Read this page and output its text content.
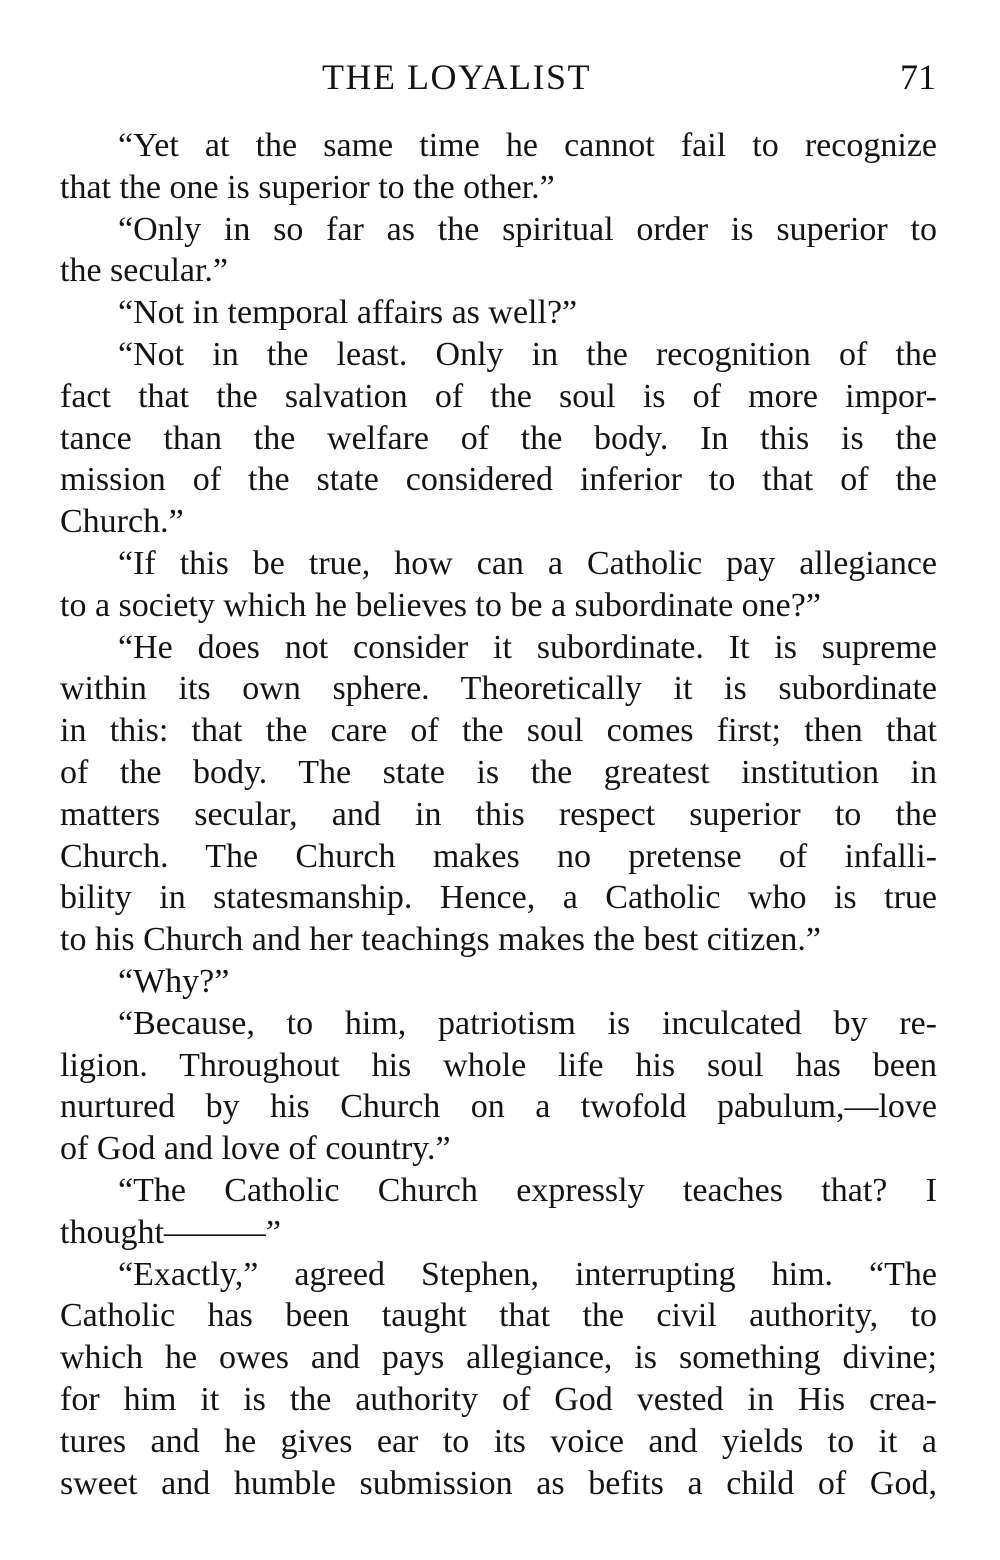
THE LOYALIST	71

“Yet at the same time he cannot fail to recognize
that the one is superior to the other.”

“Only in so far as the spiritual order is superior to
the secular.”

“Not in temporal affairs as well?”

“Not in the least. Only in the recognition of the
fact that the salvation of the soul is of more impor-
tance than the welfare of the body. In this is the
mission of the state considered inferior to that of the
Church.”

“If this be true, how can a Catholic pay allegiance
to a society which he believes to be a subordinate one?”

“He does not consider it subordinate. It is supreme
within its own sphere. Theoretically it is subordinate
in this: that the care of the soul comes first; then that
of the body. The state is the greatest institution in
matters secular, and in this respect superior to the
Church. The Church makes no pretense of infalli-
bility in statesmanship. Hence, a Catholic who is true
to his Church and her teachings makes the best citizen.”

“Why?”

“Because, to him, patriotism is inculcated by re-
ligion. Throughout his whole life his soul has been
nurtured by his Church on a twofold pabulum,—love
of God and love of country.”

“The Catholic Church expressly teaches that? I
thought———”

“Exactly,” agreed Stephen, interrupting him. “The
Catholic has been taught that the civil authority, to
which he owes and pays allegiance, is something divine;
for him it is the authority of God vested in His crea-
tures and he gives ear to its voice and yields to it a
sweet and humble submission as befits a child of God,
